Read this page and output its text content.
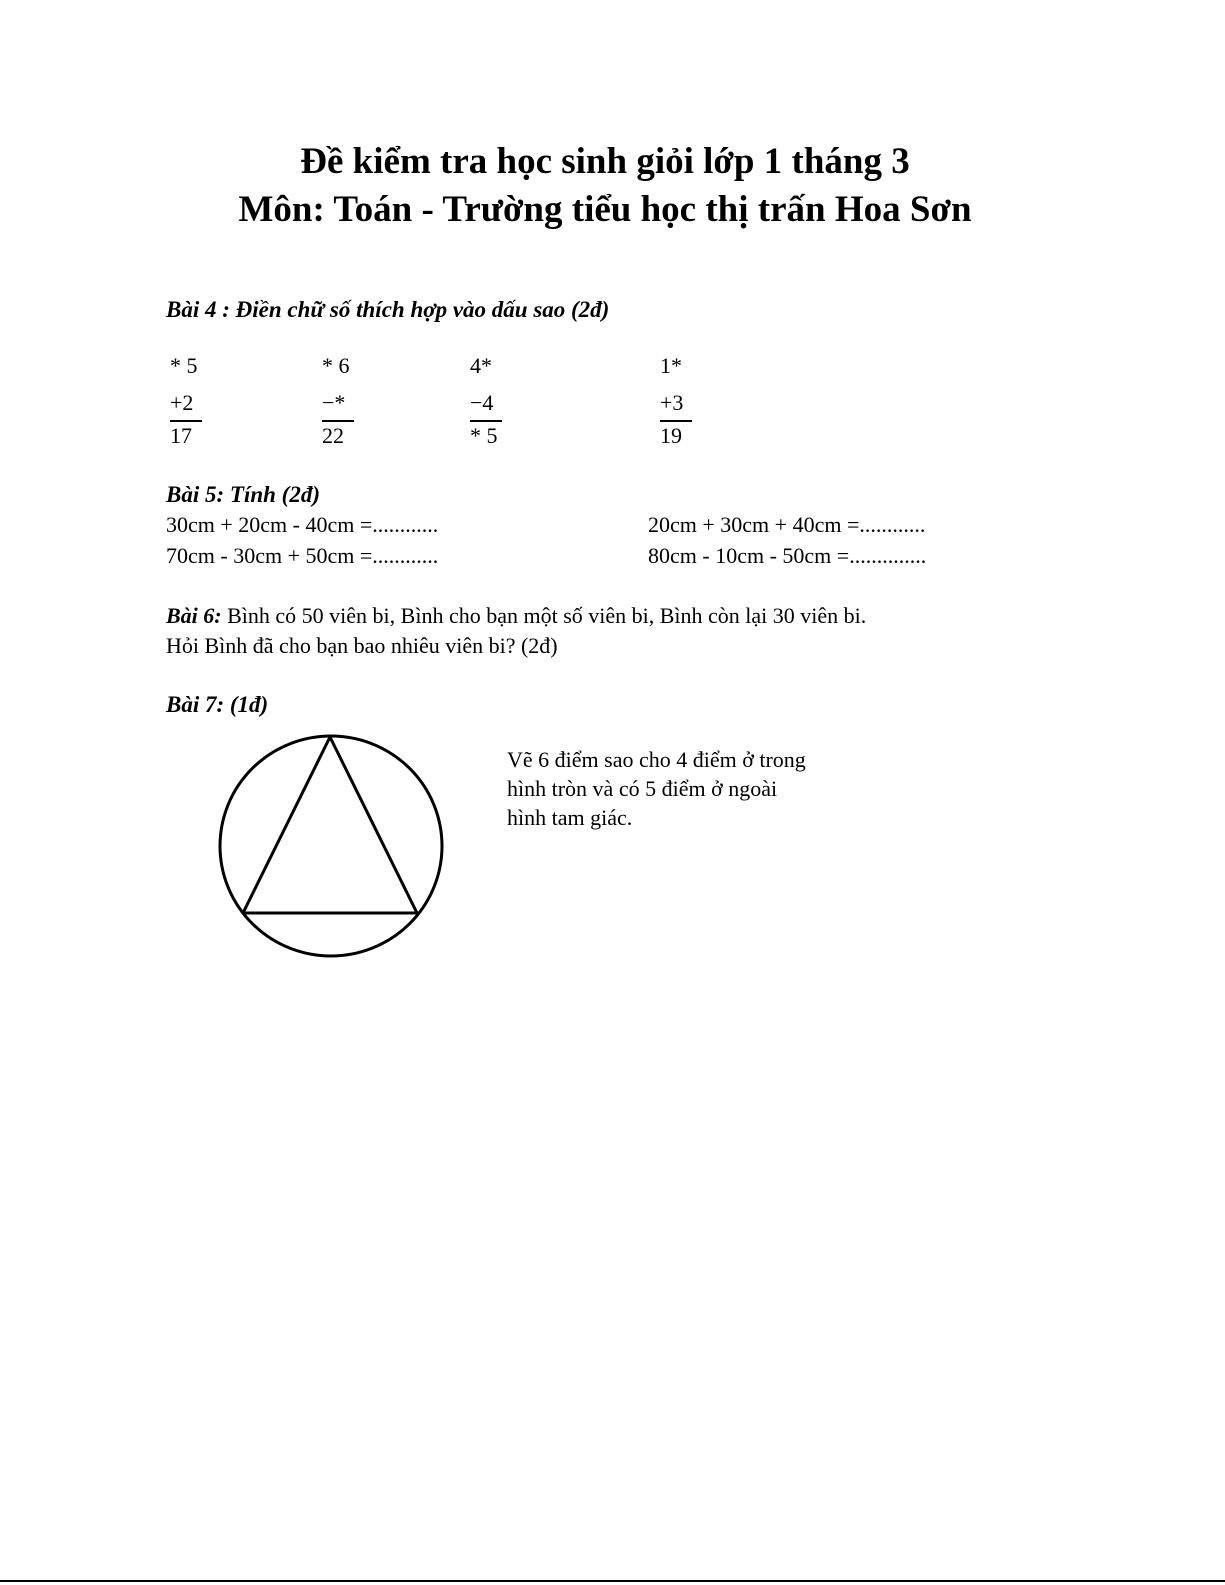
Đề kiểm tra học sinh giỏi lớp 1 tháng 3
Môn: Toán - Trường tiểu học thị trấn Hoa Sơn
Bài 4 : Điền chữ số thích hợp vào dấu sao (2đ)
* 5
+2
17
* 6
−*
22
4*
−4
* 5
1*
+3
19
Bài 5: Tính (2đ)
30cm + 20cm - 40cm =............	20cm + 30cm + 40cm =............
70cm - 30cm + 50cm =............	80cm - 10cm - 50cm =..............
Bài 6: Bình có 50 viên bi, Bình cho bạn một số viên bi, Bình còn lại 30 viên bi.
Hỏi Bình đã cho bạn bao nhiêu viên bi? (2đ)
Bài 7: (1đ)
Vẽ 6 điểm sao cho 4 điểm ở trong
hình tròn và có 5 điểm ở ngoài
hình tam giác.
